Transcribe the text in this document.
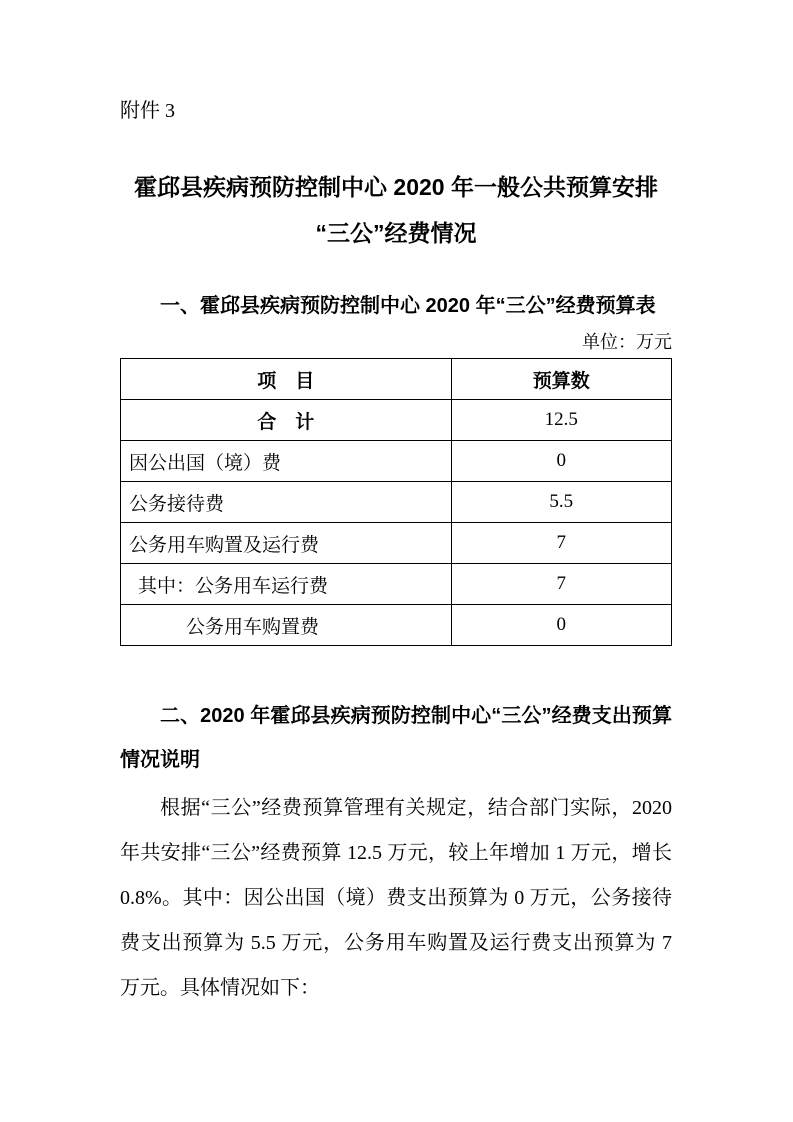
附件 3
霍邱县疾病预防控制中心 2020 年一般公共预算安排
“三公”经费情况
一、霍邱县疾病预防控制中心 2020 年“三公”经费预算表
单位：万元
项　目	预算数
合　计	12.5
因公出国（境）费	0
公务接待费	5.5
公务用车购置及运行费	7
其中：公务用车运行费	7
公务用车购置费	0
二、2020 年霍邱县疾病预防控制中心“三公”经费支出预算情况说明

根据“三公”经费预算管理有关规定，结合部门实际，2020 年共安排“三公”经费预算 12.5 万元，较上年增加 1 万元，增长 0.8%。其中：因公出国（境）费支出预算为 0 万元，公务接待费支出预算为 5.5 万元，公务用车购置及运行费支出预算为 7 万元。具体情况如下：
